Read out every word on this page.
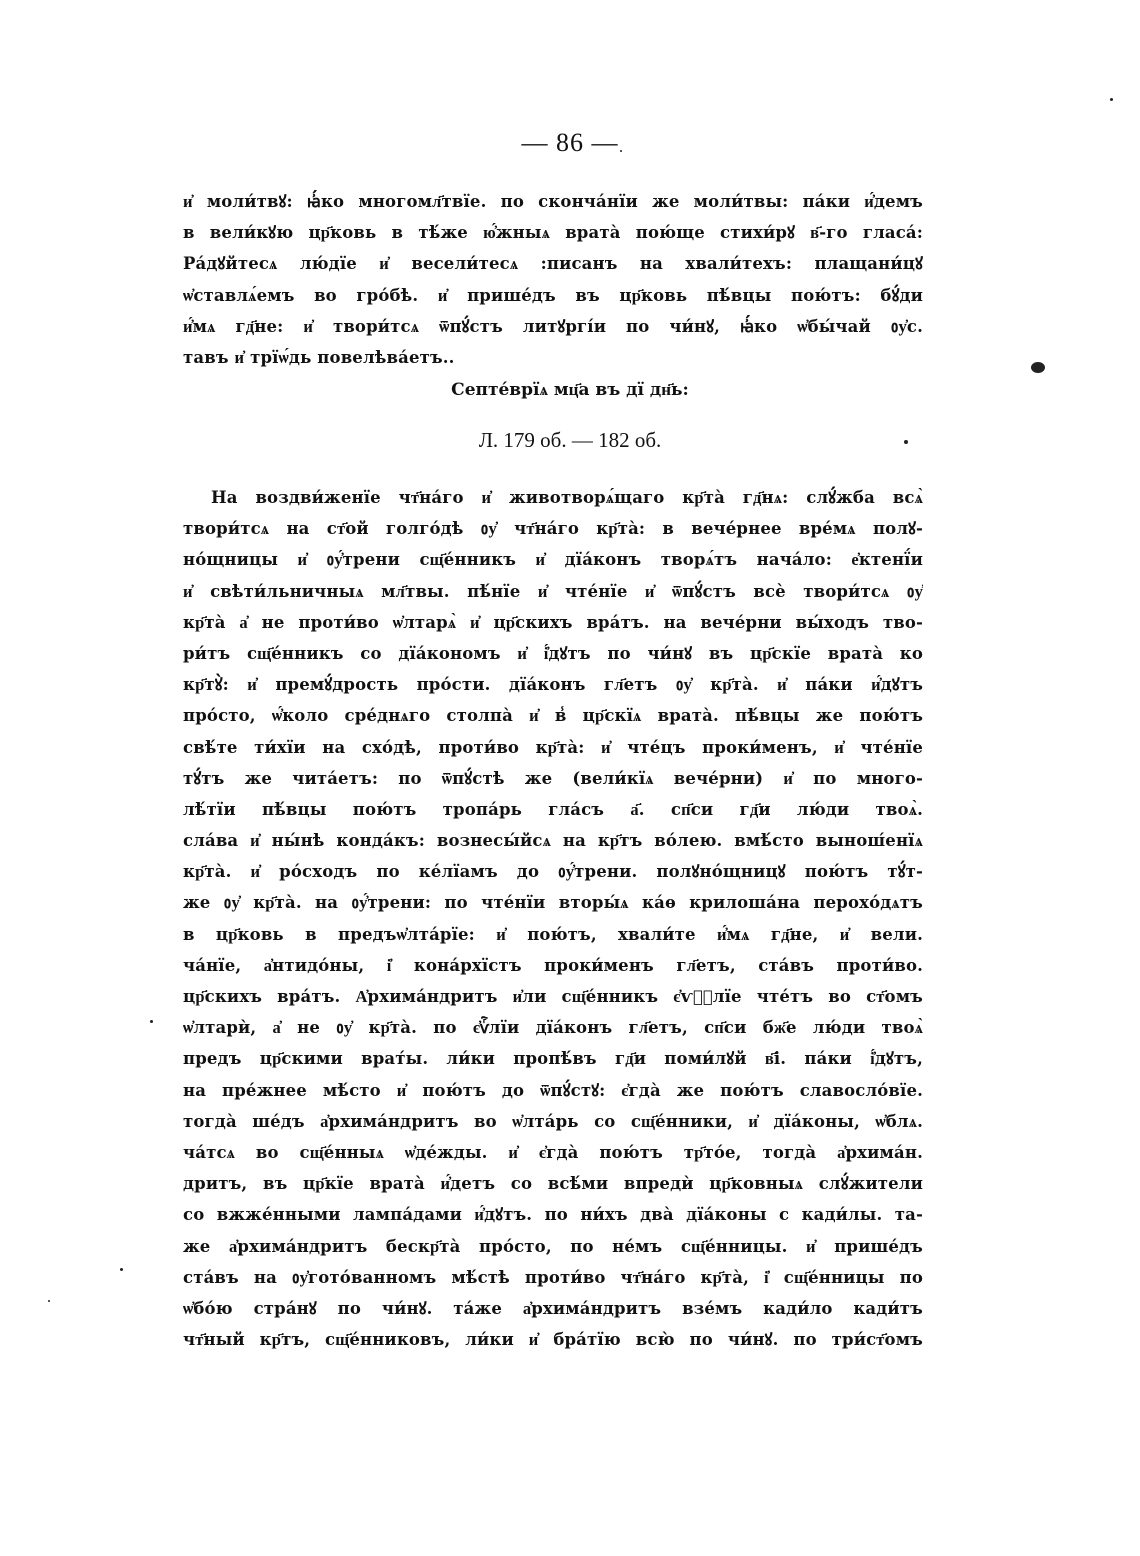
— 86 —
и҆ моли́твꙋ: ꙗ҆́ко многомл҃твїе. по сконча́нїи же моли́твы: па́ки и҆́демъ
в вели́кꙋю цр҃ковь в тѣ́же ю҆́жныѧ врата̀ пою́ще стихи́рꙋ в҃-го гласа́:
Ра́дꙋйтесѧ лю́дїе и҆ весели́тесѧ :писанъ на хвали́техъ: плащани́цꙋ
ѡ҆ставлѧ́емъ во гро́бѣ. и҆ прише́дъ въ цр҃ковь пѣ́вцы пою́тъ: бꙋ́ди
и҆́мѧ гд҃не: и҆ твори́тсѧ ѿпꙋ́стъ литꙋргі́и по чи́нꙋ, ꙗ҆́ко ѡ҆бы́чай ᲂу҆с.
тавъ и҆ трїѡ́дь повелѣва́етъ..
Септе́врїѧ мц҃а въ дї дн҃ь:
Л. 179 об. — 182 об.
На воздви́женїе чт҃на́го и҆ животворѧ́щаго кр҃та̀ гд҃нѧ: слꙋ́жба всѧ̀
твори́тсѧ на ст҃ой голго́дѣ ᲂу҆ чт҃на́го кр҃та̀: в вече́рнее вре́мѧ полꙋ-
но́щницы и҆ ᲂу҆́трени сщ҃е́нникъ и҆ дїа́конъ творѧ́тъ нача́ло: е҆ктенї́и
и҆ свѣти́льничныѧ мл҃твы. пѣ́нїе и҆ чте́нїе и҆ ѿпꙋ́стъ всѐ твори́тсѧ ᲂу҆
кр҃та̀ а҆ не проти́во ѡ҆лтарѧ̀ и҆ цр҃скихъ вра́тъ. на вече́рни вы́ходъ тво-
ри́тъ сщ҃е́нникъ со дїа́кономъ и҆ і҆́дꙋтъ по чи́нꙋ въ цр҃скїе врата̀ ко
кр҃тꙋ̀: и҆ премꙋ́дрость про́сти. дїа́конъ гл҃етъ ᲂу҆ кр҃та̀. и҆ па́ки и҆́дꙋтъ
про́сто, ѡ҆́коло сре́днѧго столпа̀ и҆ в̾ цр҃скїѧ врата̀. пѣ́вцы же пою́тъ
свѣ́те ти́хїи на схо́дѣ, проти́во кр҃та̀: и҆ чте́цъ проки́менъ, и҆ чте́нїе
тꙋ́тъ же чита́етъ: по ѿпꙋ́стѣ же (вели́кїѧ вече́рни) и҆ по много-
лѣ́тїи пѣ́вцы пою́тъ тропа́рь гла́съ а҃. сп҃си гд҃и лю́ди твоѧ̀.
сла́ва и҆ ны́нѣ конда́къ: вознесы́йсѧ на кр҃тъ во́лею. вмѣ́сто вынош́енїѧ
кр҃та̀. и҆ ро́сходъ по ке́лїамъ до ᲂу҆́трени. полꙋно́щницꙋ пою́тъ тꙋ́т-
же ᲂу҆ кр҃та̀. на ᲂу҆́трени: по чте́нїи вторы́ѧ ка́ѳ крилоша́на перохо́дѧтъ
в цр҃ковь в предъѡ҆лта́рїе: и҆ пою́тъ, хвали́те и҆́мѧ гд҃не, и҆ вели.
ча́нїе, а҆нтидо́ны, і҆ кона́рхїстъ проки́менъ гл҃етъ, ста́въ проти́во.
цр҃скихъ вра́тъ. А҆рхима́ндритъ и҆ли сщ҃е́нникъ є҆ѵⷢ҇лїе чте́тъ во ст҃омъ
ѡ҆лтарѝ, а҆ не ᲂу҆ кр҃та̀. по є҆ѵⷢ҇лїи дїа́конъ гл҃етъ, сп҃си бж҃е лю́ди твоѧ̀
предъ цр҃скими врат́ы. ли́ки пропѣ́въ гд҃и поми́лꙋй в҃і. па́ки і҆́дꙋтъ,
на пре́жнее мѣ́сто и҆ пою́тъ до ѿпꙋ́стꙋ: є҆гда̀ же пою́тъ славосло́вїе.
тогда̀ ше́дъ а҆рхима́ндритъ во ѡ҆лта́рь со сщ҃е́нники, и҆ дїа́коны, ѡ҆блѧ.
ча́тсѧ во сщ҃е́нныѧ ѡ҆де́жды. и҆ є҆гда̀ пою́тъ тр҃то́е, тогда̀ а҆рхима́н.
дритъ, въ цр҃кїе врата̀ и҆́детъ со всѣ́ми впредѝ цр҃ковныѧ слꙋ́жители
со вжже́нными лампа́дами и҆́дꙋтъ. по ни́хъ два̀ дїа́коны с кади́лы. та-
же а҆рхима́ндритъ бескр҃та̀ про́сто, по не́мъ сщ҃е́нницы. и҆ прише́дъ
ста́въ на ᲂу҆гото́ванномъ мѣ́стѣ проти́во чт҃на́го кр҃та̀, і҆ сщ҃е́нницы по
ѡ҆бо́ю стра́нꙋ по чи́нꙋ. та́же а҆рхима́ндритъ взе́мъ кади́ло кади́тъ
чт҃ный кр҃тъ, сщ҃е́нниковъ, ли́ки и҆ бра́тїю всю̀ по чи́нꙋ. по три́ст҃омъ
